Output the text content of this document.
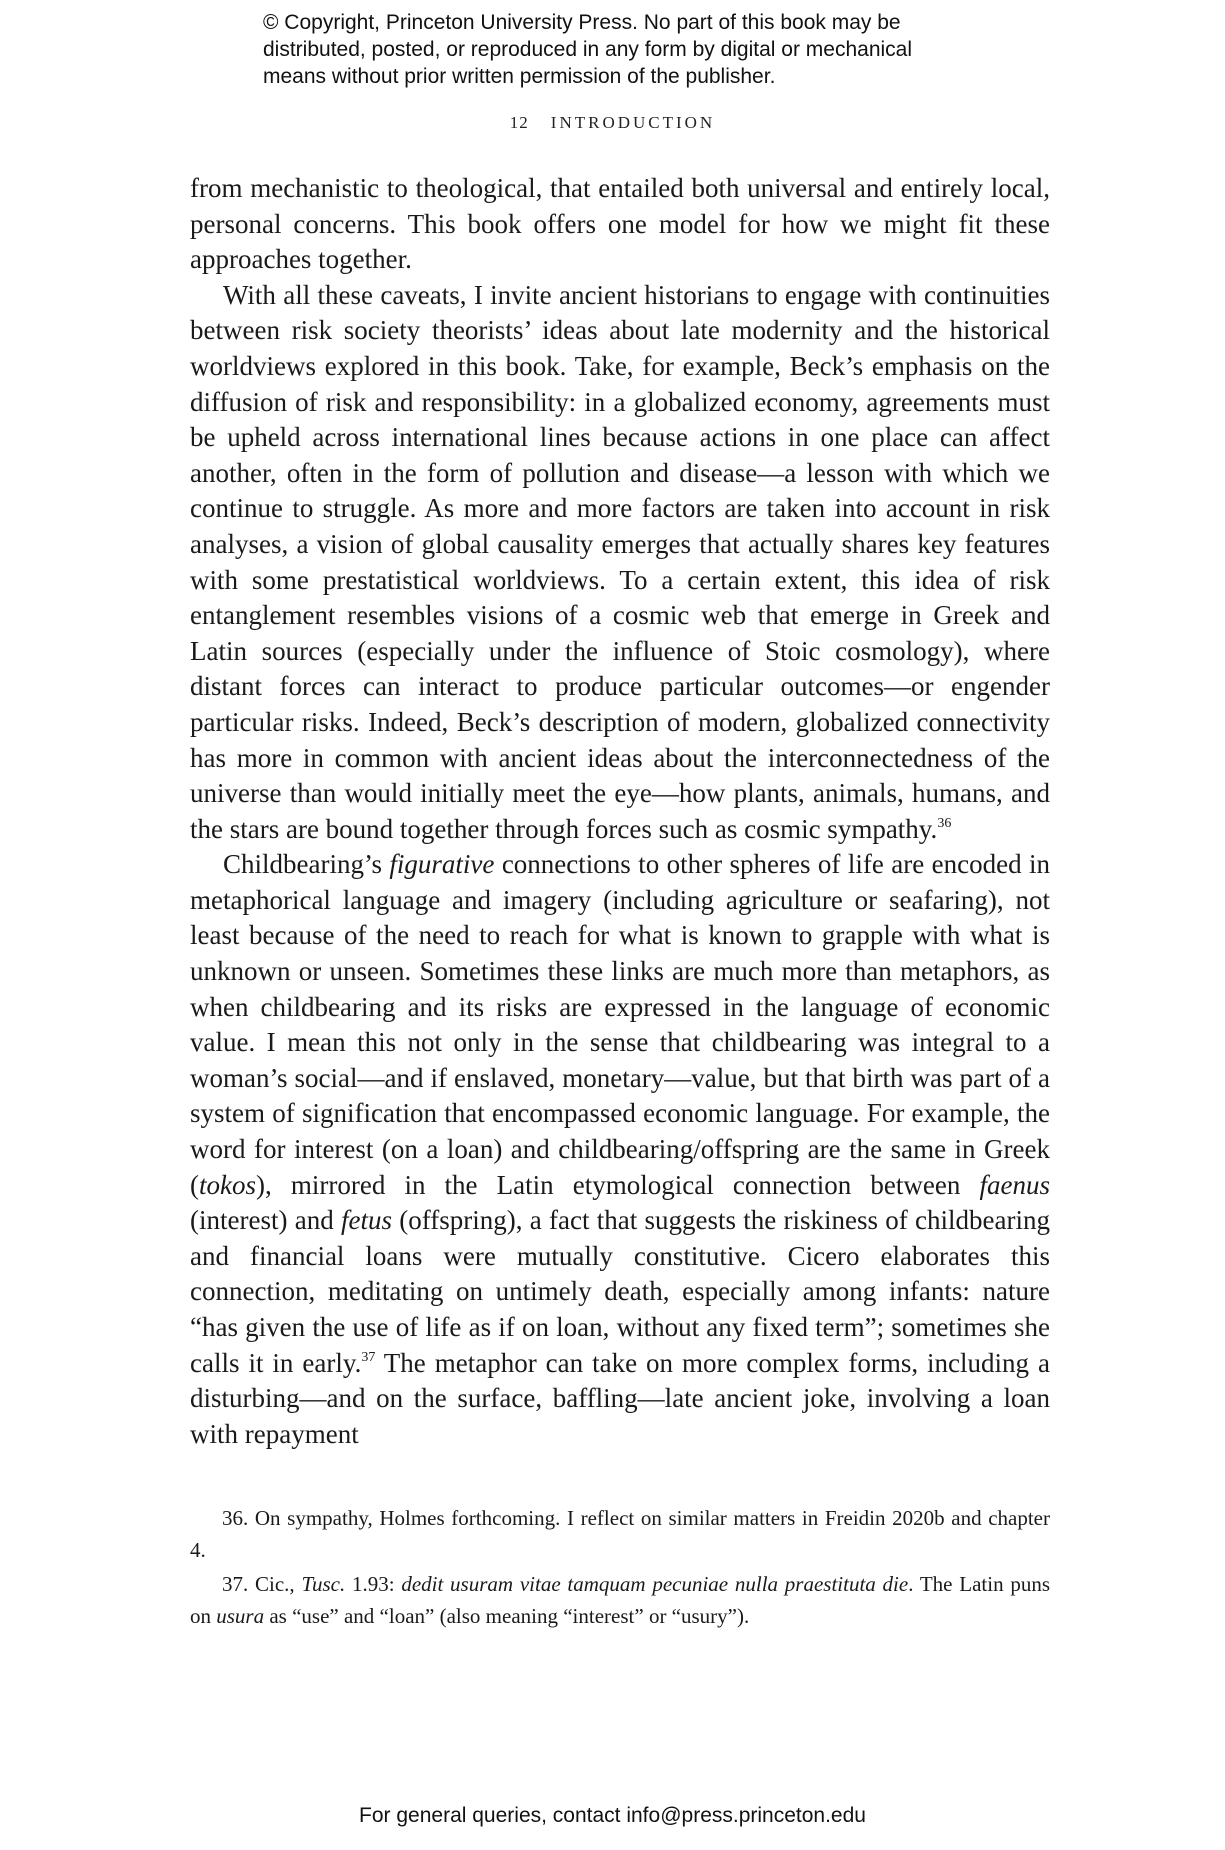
© Copyright, Princeton University Press. No part of this book may be
distributed, posted, or reproduced in any form by digital or mechanical
means without prior written permission of the publisher.
12 INTRODUCTION

from mechanistic to theological, that entailed both universal and entirely local, personal concerns. This book offers one model for how we might fit these approaches together.

With all these caveats, I invite ancient historians to engage with continuities between risk society theorists’ ideas about late modernity and the historical worldviews explored in this book. Take, for example, Beck’s emphasis on the diffusion of risk and responsibility: in a globalized economy, agreements must be upheld across international lines because actions in one place can affect another, often in the form of pollution and disease—a lesson with which we continue to struggle. As more and more factors are taken into account in risk analyses, a vision of global causality emerges that actually shares key features with some prestatistical worldviews. To a certain extent, this idea of risk entanglement resembles visions of a cosmic web that emerge in Greek and Latin sources (especially under the influence of Stoic cosmology), where distant forces can interact to produce particular outcomes—or engender particular risks. Indeed, Beck’s description of modern, globalized connectivity has more in common with ancient ideas about the interconnectedness of the universe than would initially meet the eye—how plants, animals, humans, and the stars are bound together through forces such as cosmic sympathy.$^{36}$

Childbearing’s figurative connections to other spheres of life are encoded in metaphorical language and imagery (including agriculture or seafaring), not least because of the need to reach for what is known to grapple with what is unknown or unseen. Sometimes these links are much more than metaphors, as when childbearing and its risks are expressed in the language of economic value. I mean this not only in the sense that childbearing was integral to a woman’s social—and if enslaved, monetary—value, but that birth was part of a system of signification that encompassed economic language. For example, the word for interest (on a loan) and childbearing/offspring are the same in Greek (tokos), mirrored in the Latin etymological connection between faenus (interest) and fetus (offspring), a fact that suggests the riskiness of childbearing and financial loans were mutually constitutive. Cicero elaborates this connection, meditating on untimely death, especially among infants: nature “has given the use of life as if on loan, without any fixed term”; sometimes she calls it in early.$^{37}$ The metaphor can take on more complex forms, including a disturbing—and on the surface, baffling—late ancient joke, involving a loan with repayment

36. On sympathy, Holmes forthcoming. I reflect on similar matters in Freidin 2020b and chapter 4.

37. Cic., Tusc. 1.93: dedit usuram vitae tamquam pecuniae nulla praestituta die. The Latin puns on usura as “use” and “loan” (also meaning “interest” or “usury”).

For general queries, contact info@press.princeton.edu
